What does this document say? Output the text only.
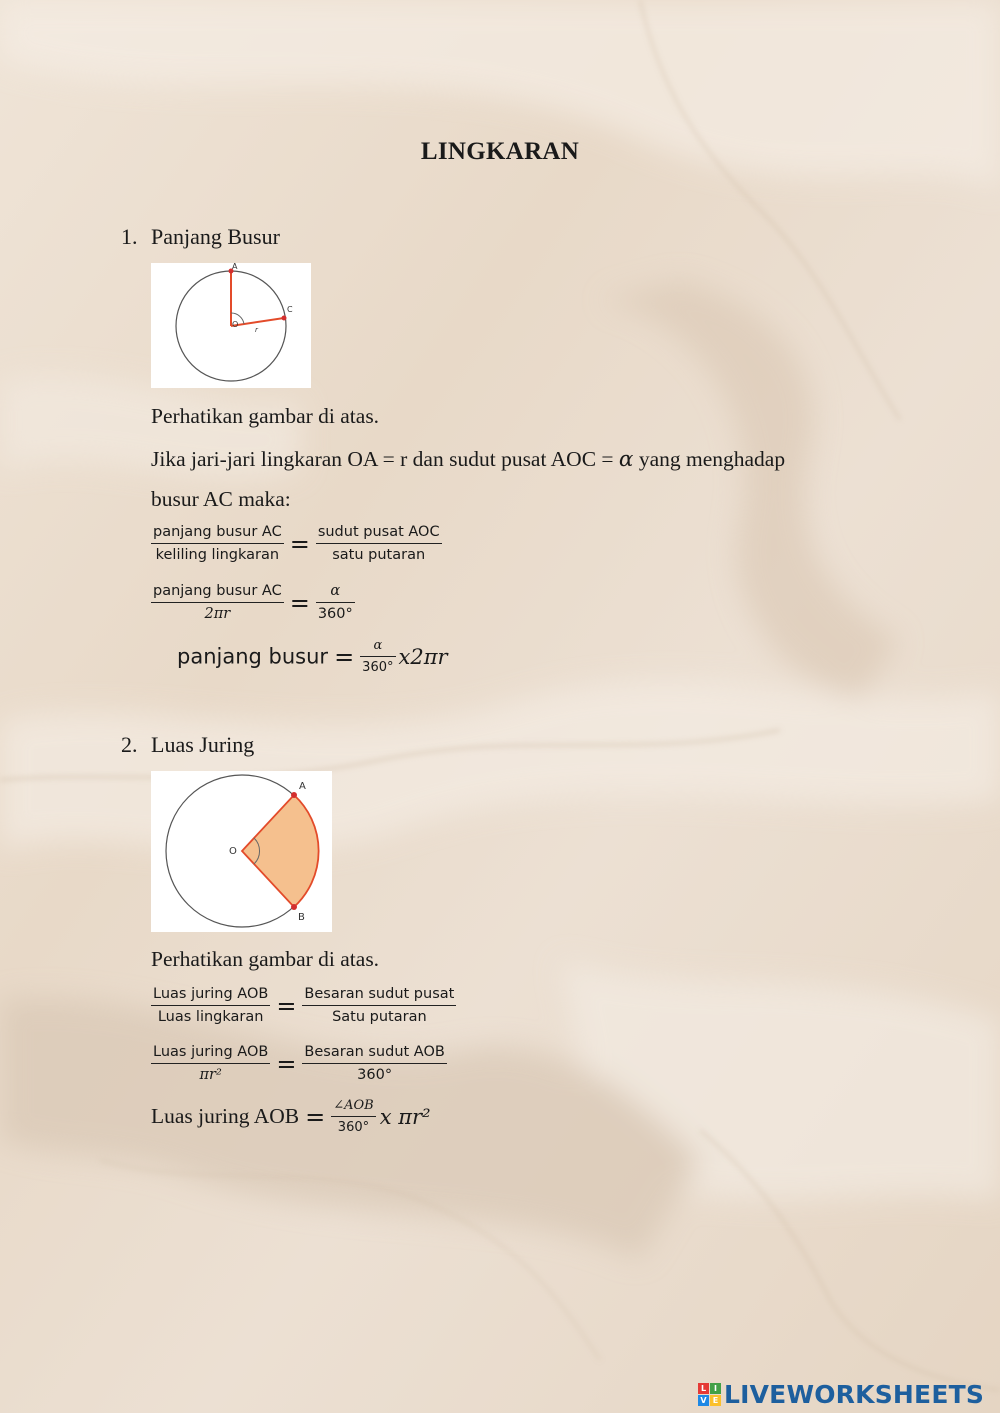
LINGKARAN
1. Panjang Busur
A
C
O
r
Perhatikan gambar di atas.
Jika jari-jari lingkaran OA = r dan sudut pusat AOC = α yang menghadap
busur AC maka:
$\frac{\text{panjang busur AC}}{\text{keliling lingkaran}} = \frac{\text{sudut pusat AOC}}{\text{satu putaran}}$
$\frac{\text{panjang busur AC}}{2\pi r} = \frac{\alpha}{360^\circ}$
panjang busur = $\frac{\alpha}{360^\circ} x2\pi r$
2. Luas Juring
A
B
O
Perhatikan gambar di atas.
$\frac{\text{Luas juring AOB}}{\text{Luas lingkaran}} = \frac{\text{Besaran sudut pusat}}{\text{Satu putaran}}$
$\frac{\text{Luas juring AOB}}{\text{πr²}} = \frac{\text{Besaran sudut AOB}}{360^\circ}$
Luas juring AOB = $\frac{\text{∠AOB}}{360^\circ}$ x πr²
L I
V E LIVEWORKSHEETS
